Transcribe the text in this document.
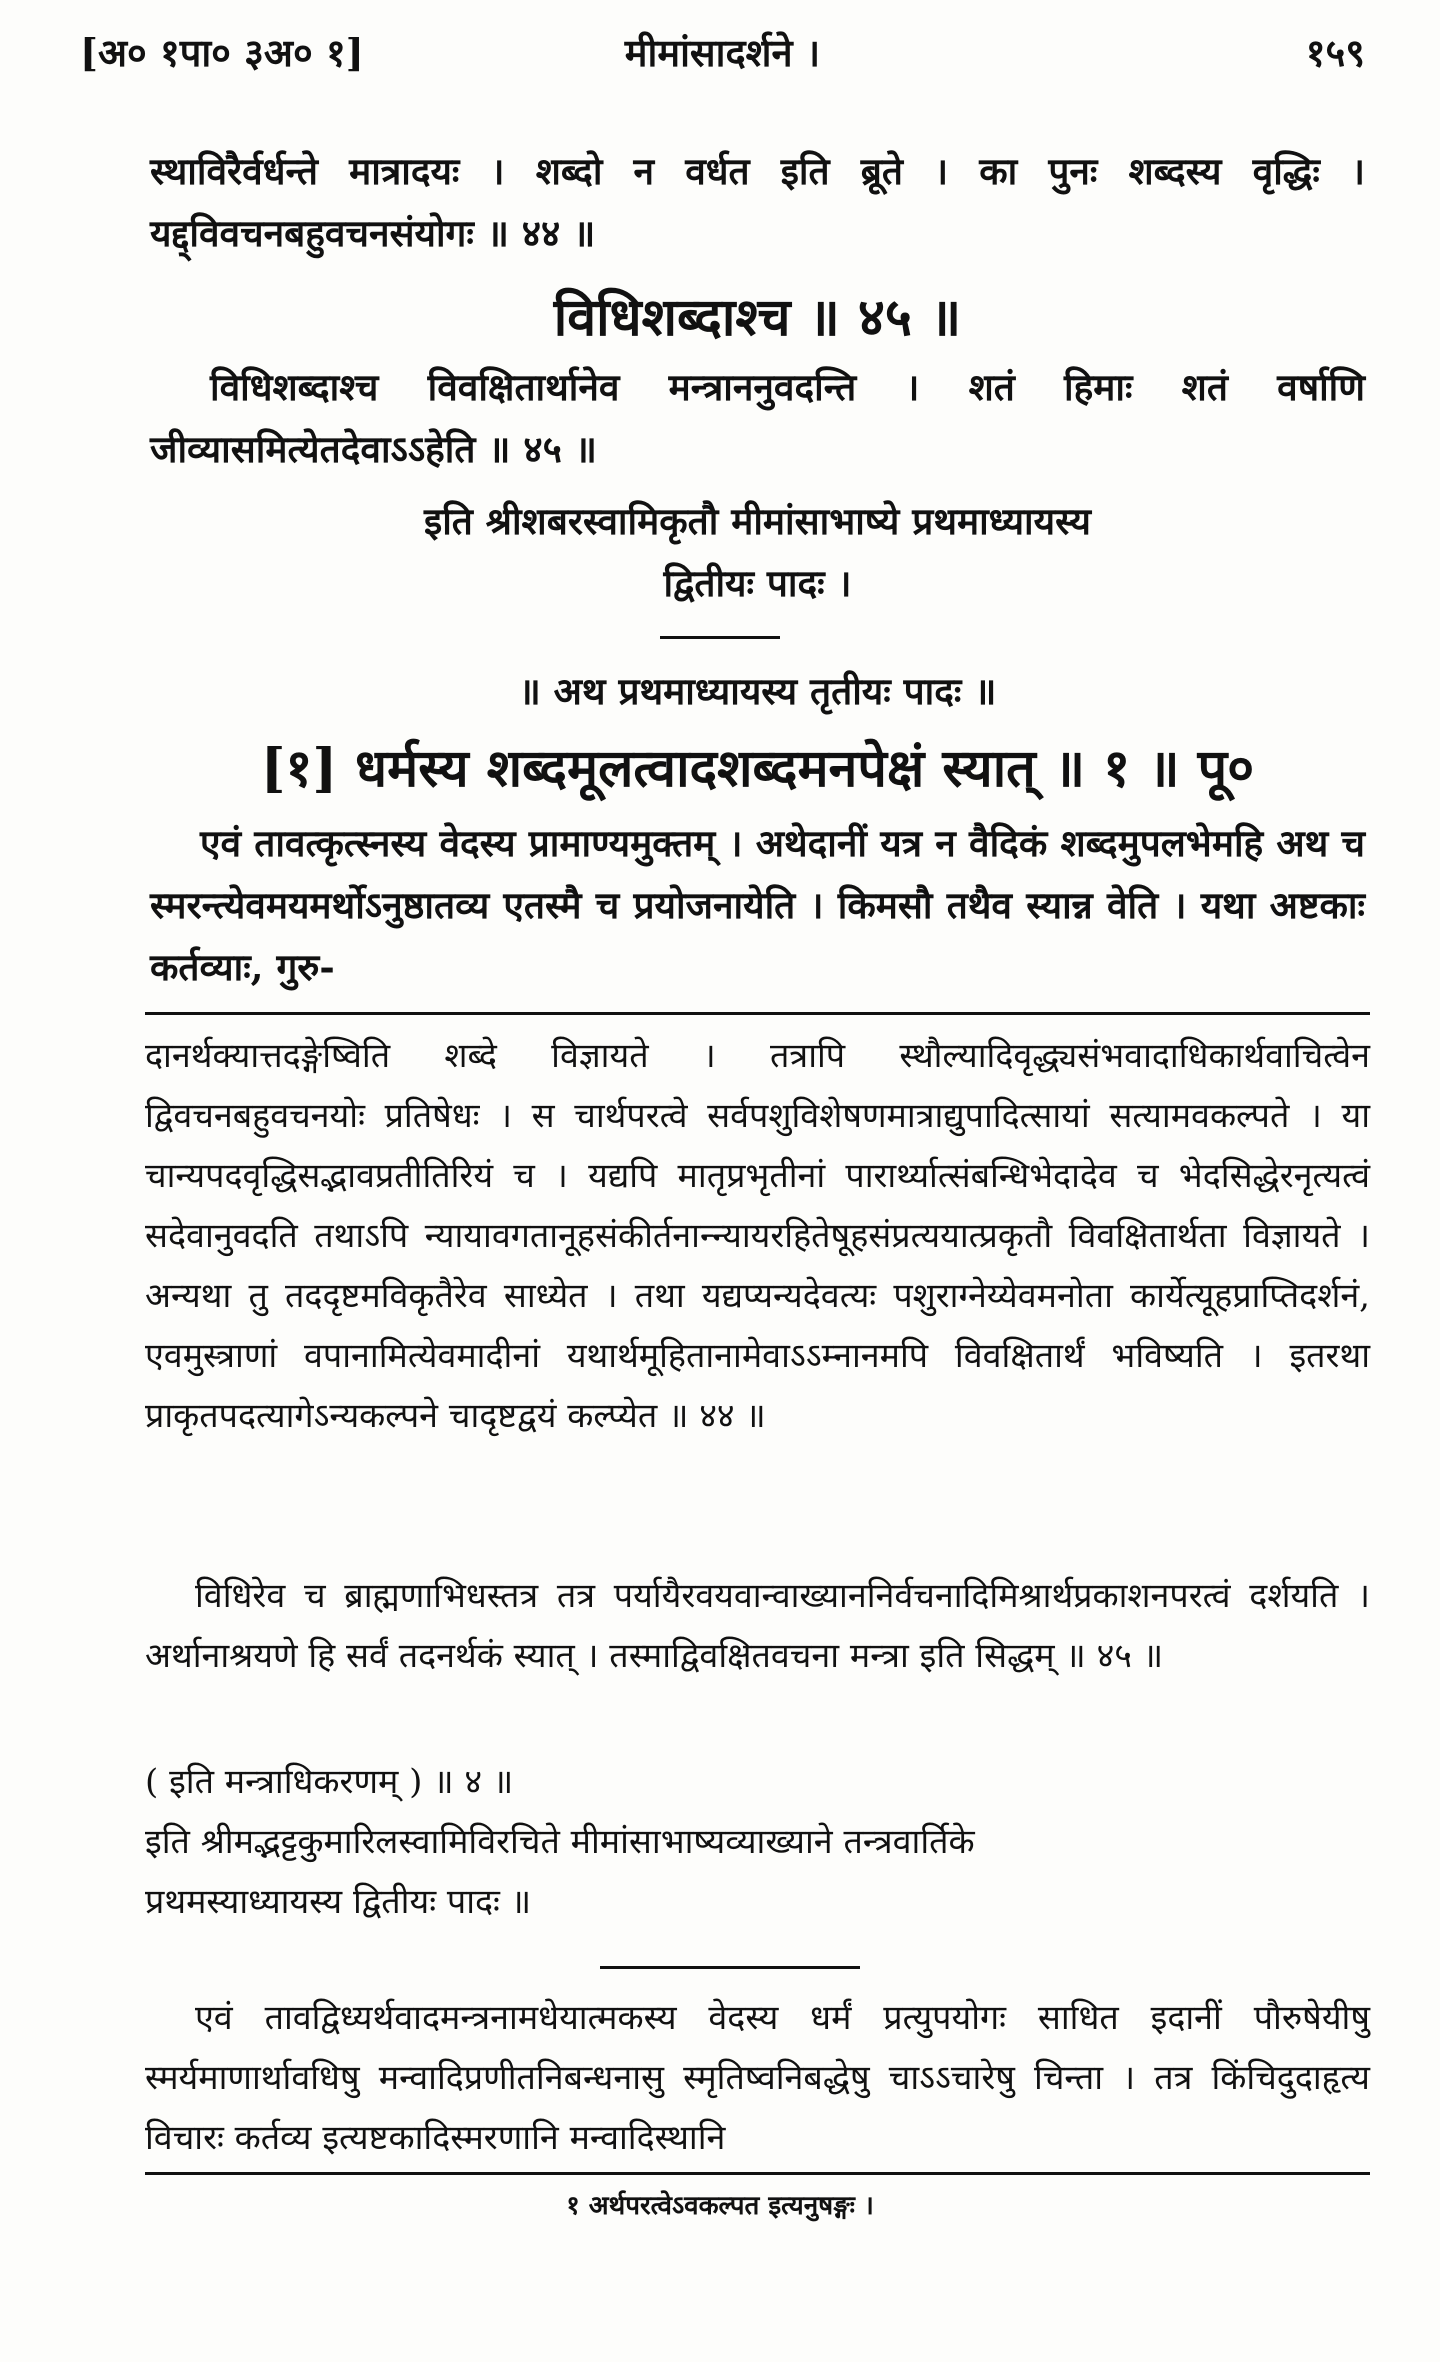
[अ० १पा० ३अ० १]	मीमांसादर्शने ।	१५९
स्थाविरैर्वर्धन्ते मात्रादयः । शब्दो न वर्धत इति ब्रूते । का पुनः शब्दस्य वृद्धिः । यद्द्विवचनबहुवचनसंयोगः ॥ ४४ ॥
विधिशब्दाश्च ॥ ४५ ॥
विधिशब्दाश्च विवक्षितार्थानेव मन्त्राननुवदन्ति । शतं हिमाः शतं वर्षाणि जीव्यासमित्येतदेवाऽऽहेति ॥ ४५ ॥
इति श्रीशबरस्वामिकृतौ मीमांसाभाष्ये प्रथमाध्यायस्य
द्वितीयः पादः ।
॥ अथ प्रथमाध्यायस्य तृतीयः पादः ॥
[१] धर्मस्य शब्दमूलत्वादशब्दमनपेक्षं स्यात् ॥ १ ॥ पू०
एवं तावत्कृत्स्नस्य वेदस्य प्रामाण्यमुक्तम् । अथेदानीं यत्र न वैदिकं शब्दमुपलभेमहि अथ च स्मरन्त्येवमयमर्थोऽनुष्ठातव्य एतस्मै च प्रयोजनायेति । किमसौ तथैव स्यान्न वेति । यथा अष्टकाः कर्तव्याः, गुरु-
दानर्थक्यात्तदङ्गेष्विति शब्दे विज्ञायते । तत्रापि स्थौल्यादिवृद्ध्यसंभवादाधिकार्थवाचित्वेन द्विवचनबहुवचनयोः प्रतिषेधः । स चार्थपरत्वे सर्वपशुविशेषणमात्राद्युपादित्सायां सत्यामवकल्पते । या चान्यपदवृद्धिसद्भावप्रतीतिरियं च । यद्यपि मातृप्रभृतीनां पारार्थ्यात्संबन्धिभेदादेव च भेदसिद्धेरनृत्यत्वं सदेवानुवदति तथाऽपि न्यायावगतानूहसंकीर्तनान्न्यायरहितेषूहसंप्रत्ययात्प्रकृतौ विवक्षितार्थता विज्ञायते । अन्यथा तु तददृष्टमविकृतैरेव साध्येत । तथा यद्यप्यन्यदेवत्यः पशुराग्नेय्येवमनोता कार्येत्यूहप्राप्तिदर्शनं, एवमुस्त्राणां वपानामित्येवमादीनां यथार्थमूहितानामेवाऽऽम्नानमपि विवक्षितार्थं भविष्यति । इतरथा प्राकृतपदत्यागेऽन्यकल्पने चादृष्टद्वयं कल्प्येत ॥ ४४ ॥
विधिरेव च ब्राह्मणाभिधस्तत्र तत्र पर्यायैरवयवान्वाख्याननिर्वचनादिमिश्रार्थप्रकाशनपरत्वं दर्शयति । अर्थानाश्रयणे हि सर्वं तदनर्थकं स्यात् । तस्माद्विवक्षितवचना मन्त्रा इति सिद्धम् ॥ ४५ ॥
( इति मन्त्राधिकरणम् ) ॥ ४ ॥
इति श्रीमद्भट्टकुमारिलस्वामिविरचिते मीमांसाभाष्यव्याख्याने तन्त्रवार्तिके
प्रथमस्याध्यायस्य द्वितीयः पादः ॥
एवं तावद्विध्यर्थवादमन्त्रनामधेयात्मकस्य वेदस्य धर्मं प्रत्युपयोगः साधित इदानीं पौरुषेयीषु स्मर्यमाणार्थावधिषु मन्वादिप्रणीतनिबन्धनासु स्मृतिष्वनिबद्धेषु चाऽऽचारेषु चिन्ता । तत्र किंचिदुदाहृत्य विचारः कर्तव्य इत्यष्टकादिस्मरणानि मन्वादिस्थानि
१ अर्थपरत्वेऽवकल्पत इत्यनुषङ्गः ।
